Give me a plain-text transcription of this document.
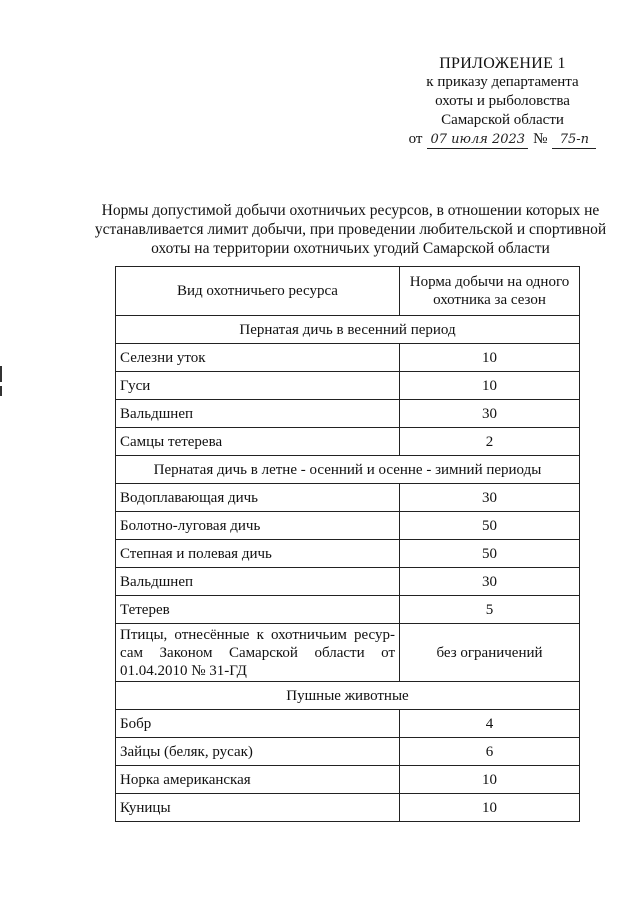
ПРИЛОЖЕНИЕ 1
к приказу департамента
охоты и рыболовства
Самарской области
от 07 июля 2023 № 75-п
Нормы допустимой добычи охотничьих ресурсов, в отношении которых не устанавливается лимит добычи, при проведении любительской и спортивной охоты на территории охотничьих угодий Самарской области
Вид охотничьего ресурса	Норма добычи на одного охотника за сезон
Пернатая дичь в весенний период	
Селезни уток	10
Гуси	10
Вальдшнеп	30
Самцы тетерева	2
Пернатая дичь в летне - осенний и осенне - зимний периоды	
Водоплавающая дичь	30
Болотно-луговая дичь	50
Степная и полевая дичь	50
Вальдшнеп	30
Тетерев	5
Птицы, отнесённые к охотничьим ресур-сам Законом Самарской области от 01.04.2010 № 31-ГД	без ограничений
Пушные животные	
Бобр	4
Зайцы (беляк, русак)	6
Норка американская	10
Куницы	10
